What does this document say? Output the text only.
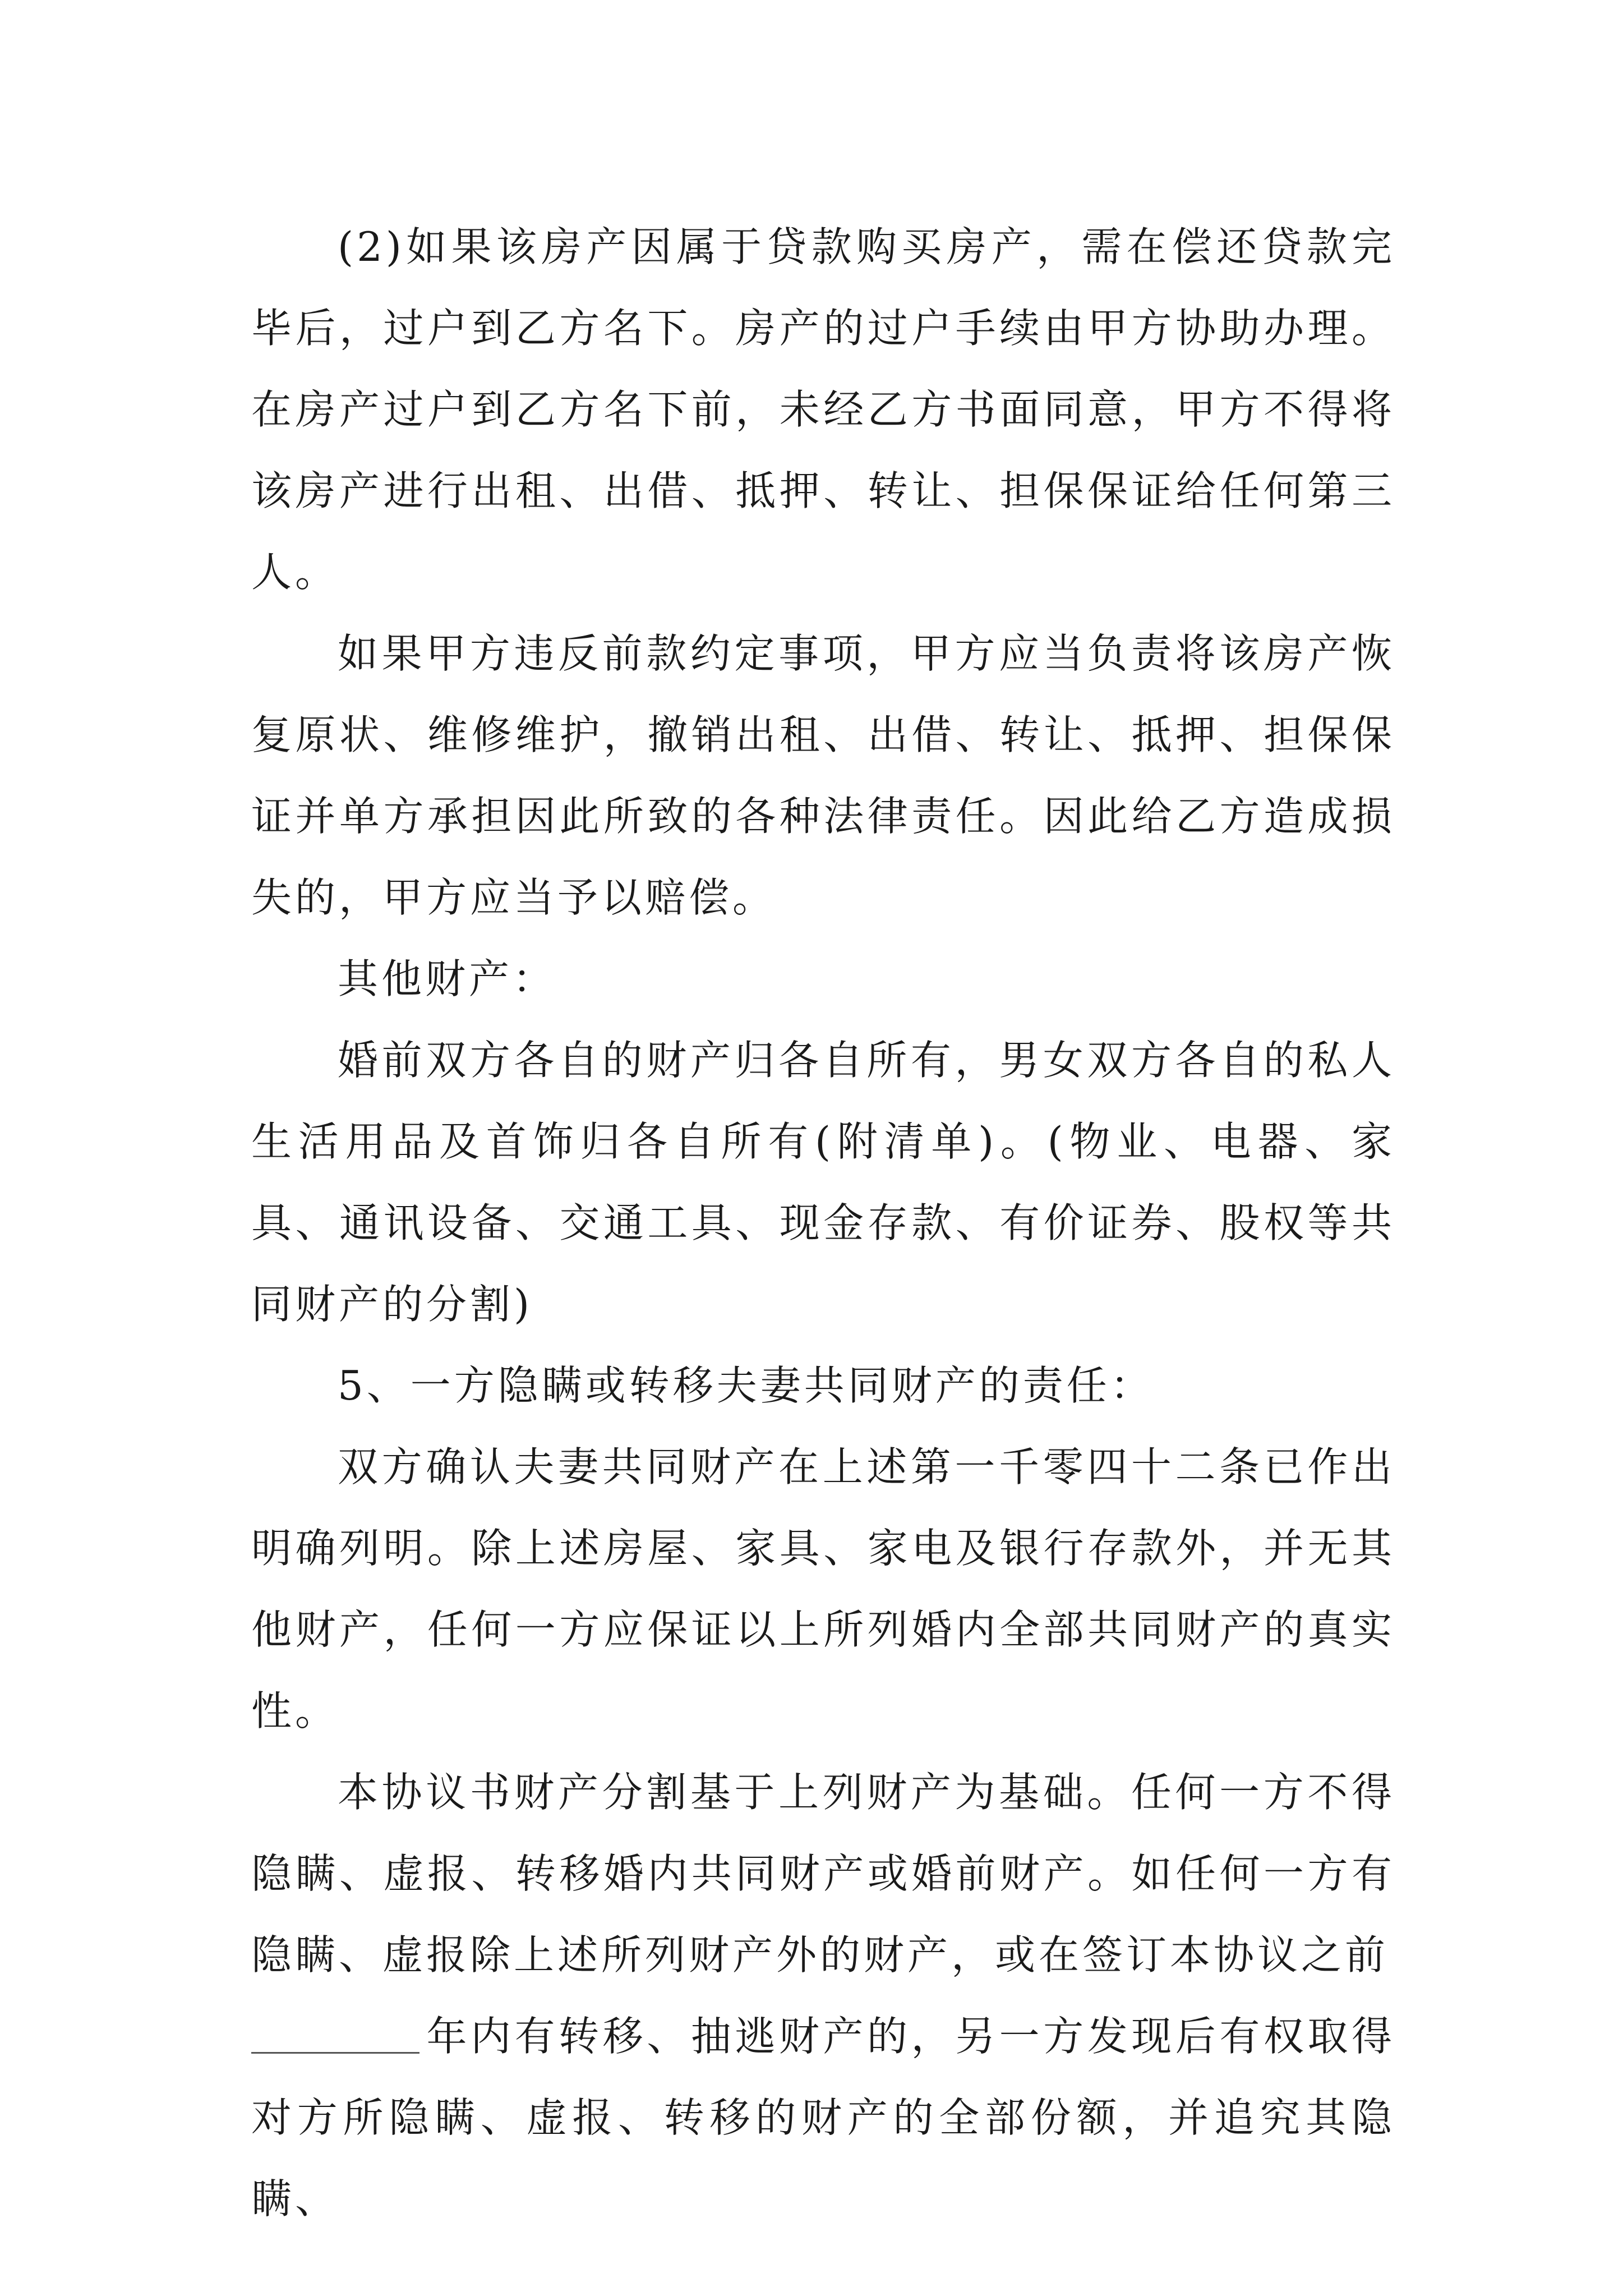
(2)如果该房产因属于贷款购买房产，需在偿还贷款完毕后，过户到乙方名下。房产的过户手续由甲方协助办理。在房产过户到乙方名下前，未经乙方书面同意，甲方不得将该房产进行出租、出借、抵押、转让、担保保证给任何第三人。

如果甲方违反前款约定事项，甲方应当负责将该房产恢复原状、维修维护，撤销出租、出借、转让、抵押、担保保证并单方承担因此所致的各种法律责任。因此给乙方造成损失的，甲方应当予以赔偿。

其他财产：

婚前双方各自的财产归各自所有，男女双方各自的私人生活用品及首饰归各自所有(附清单)。(物业、电器、家具、通讯设备、交通工具、现金存款、有价证券、股权等共同财产的分割)

5、一方隐瞒或转移夫妻共同财产的责任：

双方确认夫妻共同财产在上述第一千零四十二条已作出明确列明。除上述房屋、家具、家电及银行存款外，并无其他财产，任何一方应保证以上所列婚内全部共同财产的真实性。

本协议书财产分割基于上列财产为基础。任何一方不得隐瞒、虚报、转移婚内共同财产或婚前财产。如任何一方有隐瞒、虚报除上述所列财产外的财产，或在签订本协议之前

年内有转移、抽逃财产的，另一方发现后有权取得对方所隐瞒、虚报、转移的财产的全部份额，并追究其隐瞒、
